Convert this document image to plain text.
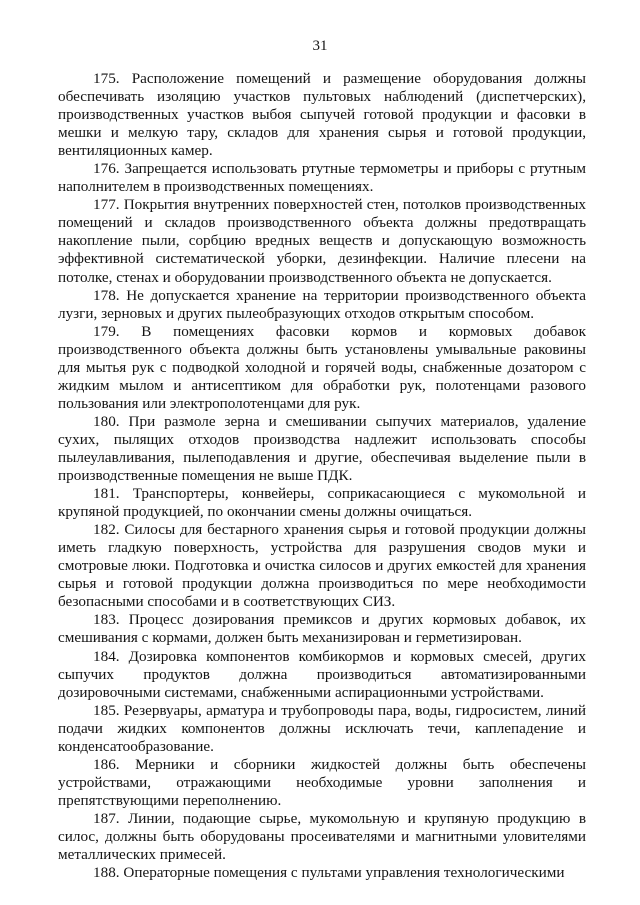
31

175. Расположение помещений и размещение оборудования должны обеспечивать изоляцию участков пультовых наблюдений (диспетчерских), производственных участков выбоя сыпучей готовой продукции и фасовки в мешки и мелкую тару, складов для хранения сырья и готовой продукции, вентиляционных камер.

176. Запрещается использовать ртутные термометры и приборы с ртутным наполнителем в производственных помещениях.

177. Покрытия внутренних поверхностей стен, потолков производственных помещений и складов производственного объекта должны предотвращать накопление пыли, сорбцию вредных веществ и допускающую возможность эффективной систематической уборки, дезинфекции. Наличие плесени на потолке, стенах и оборудовании производственного объекта не допускается.

178. Не допускается хранение на территории производственного объекта лузги, зерновых и других пылеобразующих отходов открытым способом.

179. В помещениях фасовки кормов и кормовых добавок производственного объекта должны быть установлены умывальные раковины для мытья рук с подводкой холодной и горячей воды, снабженные дозатором с жидким мылом и антисептиком для обработки рук, полотенцами разового пользования или электрополотенцами для рук.

180. При размоле зерна и смешивании сыпучих материалов, удаление сухих, пылящих отходов производства надлежит использовать способы пылеулавливания, пылеподавления и другие, обеспечивая выделение пыли в производственные помещения не выше ПДК.

181. Транспортеры, конвейеры, соприкасающиеся с мукомольной и крупяной продукцией, по окончании смены должны очищаться.

182. Силосы для бестарного хранения сырья и готовой продукции должны иметь гладкую поверхность, устройства для разрушения сводов муки и смотровые люки. Подготовка и очистка силосов и других емкостей для хранения сырья и готовой продукции должна производиться по мере необходимости безопасными способами и в соответствующих СИЗ.

183. Процесс дозирования премиксов и других кормовых добавок, их смешивания с кормами, должен быть механизирован и герметизирован.

184. Дозировка компонентов комбикормов и кормовых смесей, других сыпучих продуктов должна производиться автоматизированными дозировочными системами, снабженными аспирационными устройствами.

185. Резервуары, арматура и трубопроводы пара, воды, гидросистем, линий подачи жидких компонентов должны исключать течи, каплепадение и конденсатообразование.

186. Мерники и сборники жидкостей должны быть обеспечены устройствами, отражающими необходимые уровни заполнения и препятствующими переполнению.

187. Линии, подающие сырье, мукомольную и крупяную продукцию в силос, должны быть оборудованы просеивателями и магнитными уловителями металлических примесей.

188. Операторные помещения с пультами управления технологическими
